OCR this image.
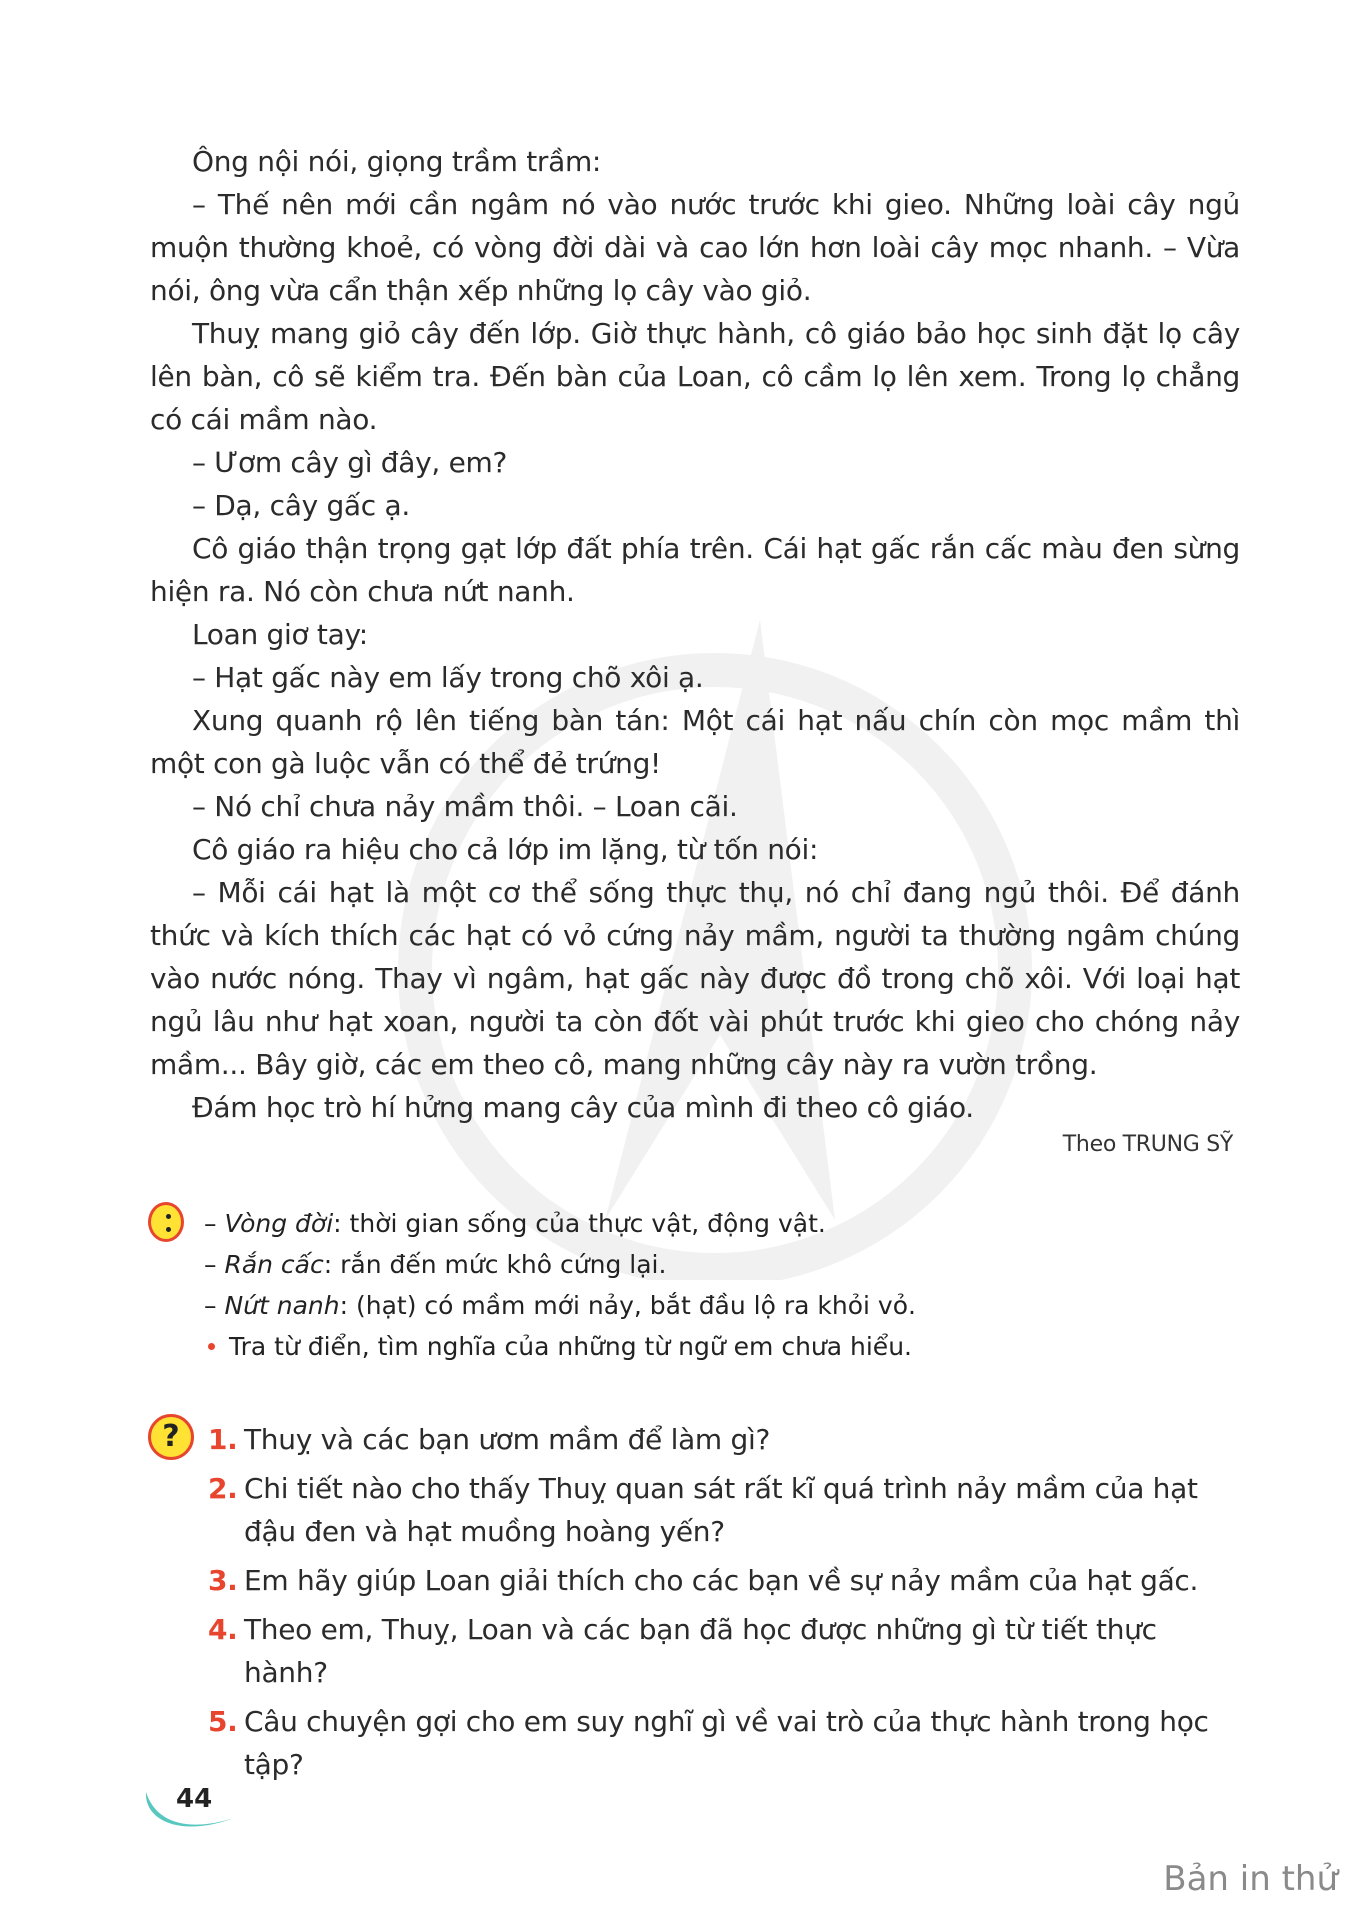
Ông nội nói, giọng trầm trầm:

– Thế nên mới cần ngâm nó vào nước trước khi gieo. Những loài cây ngủ muộn thường khoẻ, có vòng đời dài và cao lớn hơn loài cây mọc nhanh. – Vừa nói, ông vừa cẩn thận xếp những lọ cây vào giỏ.

Thuỵ mang giỏ cây đến lớp. Giờ thực hành, cô giáo bảo học sinh đặt lọ cây lên bàn, cô sẽ kiểm tra. Đến bàn của Loan, cô cầm lọ lên xem. Trong lọ chẳng có cái mầm nào.

– Ươm cây gì đây, em?

– Dạ, cây gấc ạ.

Cô giáo thận trọng gạt lớp đất phía trên. Cái hạt gấc rắn cấc màu đen sừng hiện ra. Nó còn chưa nứt nanh.

Loan giơ tay:

– Hạt gấc này em lấy trong chõ xôi ạ.

Xung quanh rộ lên tiếng bàn tán: Một cái hạt nấu chín còn mọc mầm thì một con gà luộc vẫn có thể đẻ trứng!

– Nó chỉ chưa nảy mầm thôi. – Loan cãi.

Cô giáo ra hiệu cho cả lớp im lặng, từ tốn nói:

– Mỗi cái hạt là một cơ thể sống thực thụ, nó chỉ đang ngủ thôi. Để đánh thức và kích thích các hạt có vỏ cứng nảy mầm, người ta thường ngâm chúng vào nước nóng. Thay vì ngâm, hạt gấc này được đồ trong chõ xôi. Với loại hạt ngủ lâu như hạt xoan, người ta còn đốt vài phút trước khi gieo cho chóng nảy mầm... Bây giờ, các em theo cô, mang những cây này ra vườn trồng.

Đám học trò hí hửng mang cây của mình đi theo cô giáo.

Theo TRUNG SỸ
– Vòng đời: thời gian sống của thực vật, động vật.
– Rắn cấc: rắn đến mức khô cứng lại.
– Nứt nanh: (hạt) có mầm mới nảy, bắt đầu lộ ra khỏi vỏ.
Tra từ điển, tìm nghĩa của những từ ngữ em chưa hiểu.
?	1. Thuỵ và các bạn ươm mầm để làm gì?
2. Chi tiết nào cho thấy Thuỵ quan sát rất kĩ quá trình nảy mầm của hạt đậu đen và hạt muồng hoàng yến?
3. Em hãy giúp Loan giải thích cho các bạn về sự nảy mầm của hạt gấc.
4. Theo em, Thuỵ, Loan và các bạn đã học được những gì từ tiết thực hành?
5. Câu chuyện gợi cho em suy nghĩ gì về vai trò của thực hành trong học tập?
44
Bản in thử
